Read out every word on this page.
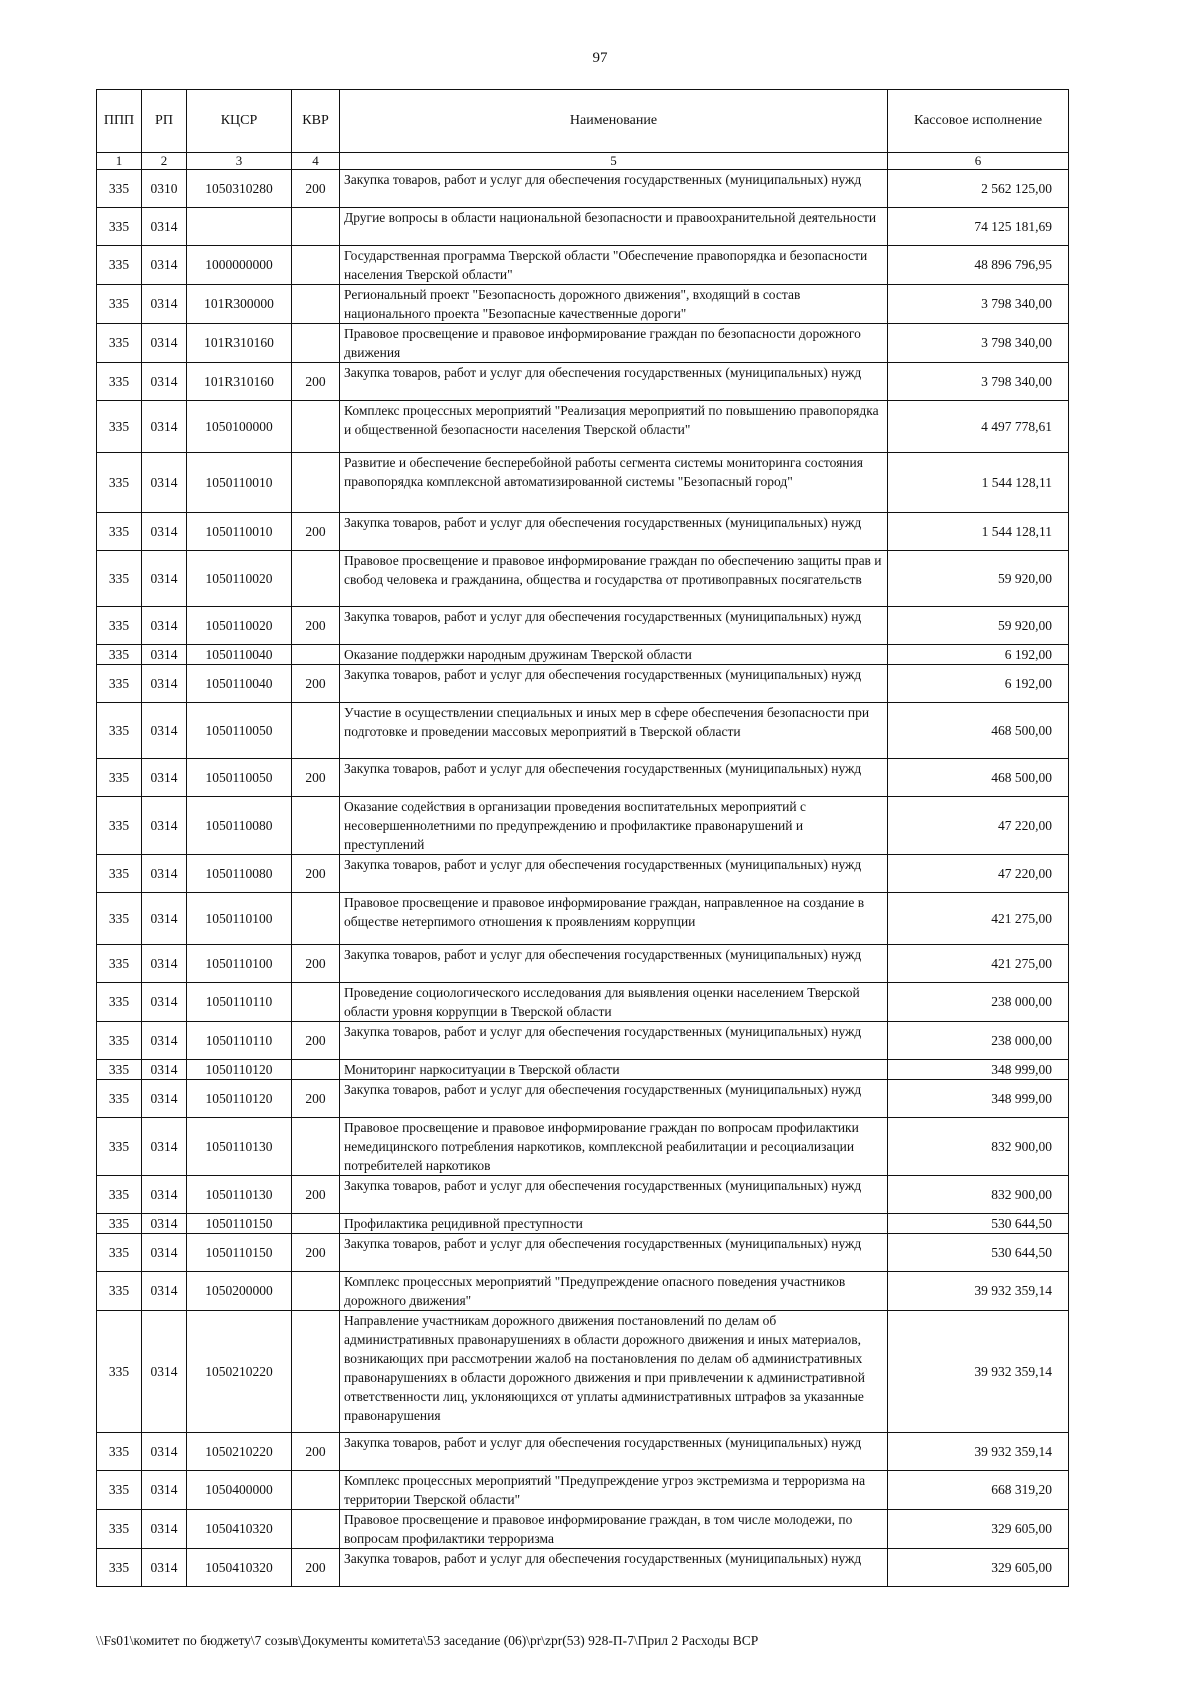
97
ППП	РП	КЦСР	КВР	Наименование	Кассовое исполнение
1	2	3	4	5	6
335	0310	1050310280	200	Закупка товаров, работ и услуг для обеспечения государственных (муниципальных) нужд	2 562 125,00
335	0314			Другие вопросы в области национальной безопасности и правоохранительной деятельности	74 125 181,69
335	0314	1000000000		Государственная программа Тверской области "Обеспечение правопорядка и безопасности населения Тверской области"	48 896 796,95
335	0314	101R300000		Региональный проект "Безопасность дорожного движения", входящий в состав национального проекта "Безопасные качественные дороги"	3 798 340,00
335	0314	101R310160		Правовое просвещение и правовое информирование граждан по безопасности дорожного движения	3 798 340,00
335	0314	101R310160	200	Закупка товаров, работ и услуг для обеспечения государственных (муниципальных) нужд	3 798 340,00
335	0314	1050100000		Комплекс процессных мероприятий "Реализация мероприятий по повышению правопорядка и общественной безопасности населения Тверской области"	4 497 778,61
335	0314	1050110010		Развитие и обеспечение бесперебойной работы сегмента системы мониторинга состояния правопорядка комплексной автоматизированной системы "Безопасный город"	1 544 128,11
335	0314	1050110010	200	Закупка товаров, работ и услуг для обеспечения государственных (муниципальных) нужд	1 544 128,11
335	0314	1050110020		Правовое просвещение и правовое информирование граждан по обеспечению защиты прав и свобод человека и гражданина, общества и государства от противоправных посягательств	59 920,00
335	0314	1050110020	200	Закупка товаров, работ и услуг для обеспечения государственных (муниципальных) нужд	59 920,00
335	0314	1050110040		Оказание поддержки народным дружинам Тверской области	6 192,00
335	0314	1050110040	200	Закупка товаров, работ и услуг для обеспечения государственных (муниципальных) нужд	6 192,00
335	0314	1050110050		Участие в осуществлении специальных и иных мер в сфере обеспечения безопасности при подготовке и проведении массовых мероприятий в Тверской области	468 500,00
335	0314	1050110050	200	Закупка товаров, работ и услуг для обеспечения государственных (муниципальных) нужд	468 500,00
335	0314	1050110080		Оказание содействия в организации проведения воспитательных мероприятий с несовершеннолетними по предупреждению и профилактике правонарушений и преступлений	47 220,00
335	0314	1050110080	200	Закупка товаров, работ и услуг для обеспечения государственных (муниципальных) нужд	47 220,00
335	0314	1050110100		Правовое просвещение и правовое информирование граждан, направленное на создание в обществе нетерпимого отношения к проявлениям коррупции	421 275,00
335	0314	1050110100	200	Закупка товаров, работ и услуг для обеспечения государственных (муниципальных) нужд	421 275,00
335	0314	1050110110		Проведение социологического исследования для выявления оценки населением Тверской области уровня коррупции в Тверской области	238 000,00
335	0314	1050110110	200	Закупка товаров, работ и услуг для обеспечения государственных (муниципальных) нужд	238 000,00
335	0314	1050110120		Мониторинг наркоситуации в Тверской области	348 999,00
335	0314	1050110120	200	Закупка товаров, работ и услуг для обеспечения государственных (муниципальных) нужд	348 999,00
335	0314	1050110130		Правовое просвещение и правовое информирование граждан по вопросам профилактики немедицинского потребления наркотиков, комплексной реабилитации и ресоциализации потребителей наркотиков	832 900,00
335	0314	1050110130	200	Закупка товаров, работ и услуг для обеспечения государственных (муниципальных) нужд	832 900,00
335	0314	1050110150		Профилактика рецидивной преступности	530 644,50
335	0314	1050110150	200	Закупка товаров, работ и услуг для обеспечения государственных (муниципальных) нужд	530 644,50
335	0314	1050200000		Комплекс процессных мероприятий "Предупреждение опасного поведения участников дорожного движения"	39 932 359,14
335	0314	1050210220		Направление участникам дорожного движения постановлений по делам об административных правонарушениях в области дорожного движения и иных материалов, возникающих при рассмотрении жалоб на постановления по делам об административных правонарушениях в области дорожного движения и при привлечении к административной ответственности лиц, уклоняющихся от уплаты административных штрафов за указанные правонарушения	39 932 359,14
335	0314	1050210220	200	Закупка товаров, работ и услуг для обеспечения государственных (муниципальных) нужд	39 932 359,14
335	0314	1050400000		Комплекс процессных мероприятий "Предупреждение угроз экстремизма и терроризма на территории Тверской области"	668 319,20
335	0314	1050410320		Правовое просвещение и правовое информирование граждан, в том числе молодежи, по вопросам профилактики терроризма	329 605,00
335	0314	1050410320	200	Закупка товаров, работ и услуг для обеспечения государственных (муниципальных) нужд	329 605,00
\\Fs01\комитет по бюджету\7 созыв\Документы комитета\53 заседание (06)\pr\zpr(53) 928-П-7\Прил 2 Расходы ВСР
